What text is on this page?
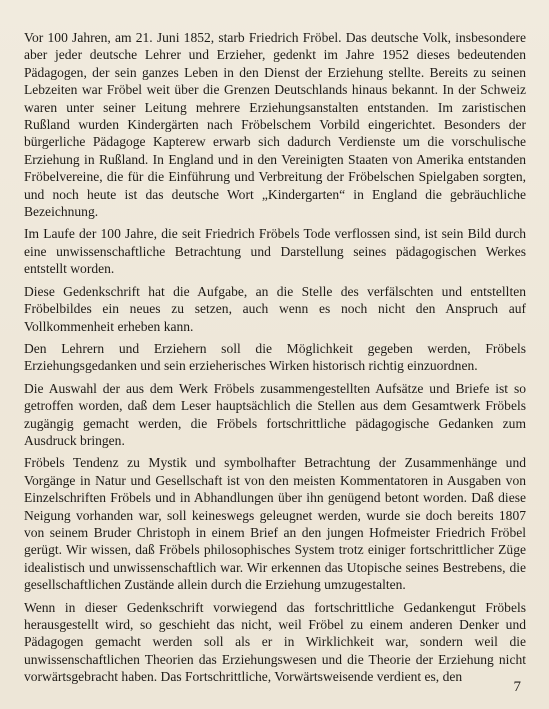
Vor 100 Jahren, am 21. Juni 1852, starb Friedrich Fröbel. Das deutsche Volk, insbesondere aber jeder deutsche Lehrer und Erzieher, gedenkt im Jahre 1952 dieses bedeutenden Pädagogen, der sein ganzes Leben in den Dienst der Erziehung stellte. Bereits zu seinen Lebzeiten war Fröbel weit über die Grenzen Deutschlands hinaus bekannt. In der Schweiz waren unter seiner Leitung mehrere Erziehungsanstalten entstanden. Im zaristischen Rußland wurden Kindergärten nach Fröbelschem Vorbild eingerichtet. Besonders der bürgerliche Pädagoge Kapterew erwarb sich dadurch Verdienste um die vorschulische Erziehung in Rußland. In England und in den Vereinigten Staaten von Amerika entstanden Fröbelvereine, die für die Einführung und Verbreitung der Fröbelschen Spielgaben sorgten, und noch heute ist das deutsche Wort „Kindergarten“ in England die gebräuchliche Bezeichnung.

Im Laufe der 100 Jahre, die seit Friedrich Fröbels Tode verflossen sind, ist sein Bild durch eine unwissenschaftliche Betrachtung und Darstellung seines pädagogischen Werkes entstellt worden.

Diese Gedenkschrift hat die Aufgabe, an die Stelle des verfälschten und entstellten Fröbelbildes ein neues zu setzen, auch wenn es noch nicht den Anspruch auf Vollkommenheit erheben kann.

Den Lehrern und Erziehern soll die Möglichkeit gegeben werden, Fröbels Erziehungsgedanken und sein erzieherisches Wirken historisch richtig einzuordnen.

Die Auswahl der aus dem Werk Fröbels zusammengestellten Aufsätze und Briefe ist so getroffen worden, daß dem Leser hauptsächlich die Stellen aus dem Gesamtwerk Fröbels zugängig gemacht werden, die Fröbels fortschrittliche pädagogische Gedanken zum Ausdruck bringen.

Fröbels Tendenz zu Mystik und symbolhafter Betrachtung der Zusammenhänge und Vorgänge in Natur und Gesellschaft ist von den meisten Kommentatoren in Ausgaben von Einzelschriften Fröbels und in Abhandlungen über ihn genügend betont worden. Daß diese Neigung vorhanden war, soll keineswegs geleugnet werden, wurde sie doch bereits 1807 von seinem Bruder Christoph in einem Brief an den jungen Hofmeister Friedrich Fröbel gerügt. Wir wissen, daß Fröbels philosophisches System trotz einiger fortschrittlicher Züge idealistisch und unwissenschaftlich war. Wir erkennen das Utopische seines Bestrebens, die gesellschaftlichen Zustände allein durch die Erziehung umzugestalten.

Wenn in dieser Gedenkschrift vorwiegend das fortschrittliche Gedankengut Fröbels herausgestellt wird, so geschieht das nicht, weil Fröbel zu einem anderen Denker und Pädagogen gemacht werden soll als er in Wirklichkeit war, sondern weil die unwissenschaftlichen Theorien das Erziehungswesen und die Theorie der Erziehung nicht vorwärtsgebracht haben. Das Fortschrittliche, Vorwärtsweisende verdient es, den

7
